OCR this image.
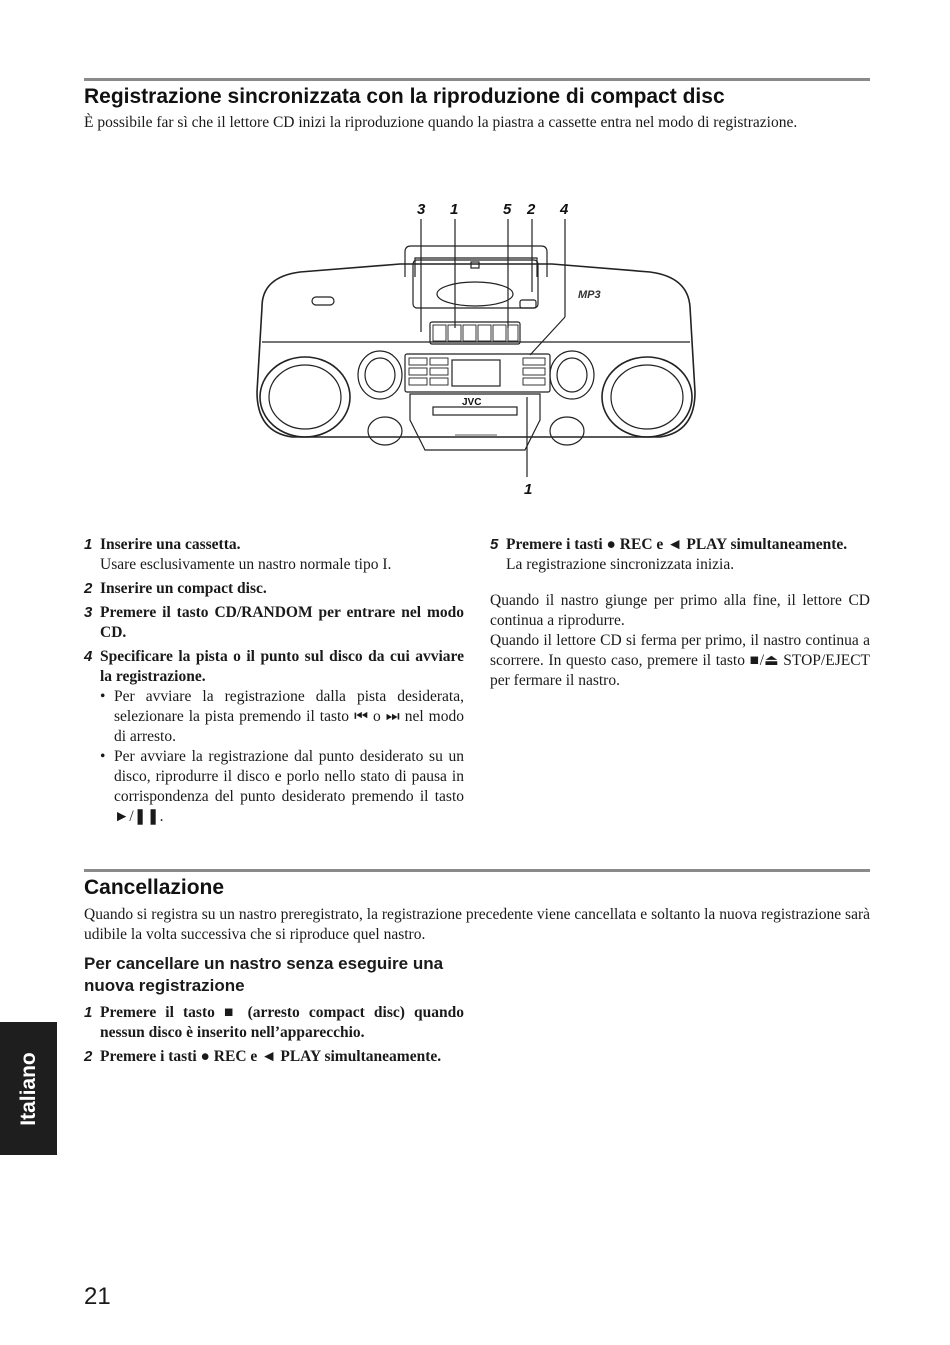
Registrazione sincronizzata con la riproduzione di compact disc

È possibile far sì che il lettore CD inizi la riproduzione quando la piastra a cassette entra nel modo di registrazione.

3 1	5 2 4
1
MP3
JVC
1 Inserire una cassetta.

Usare esclusivamente un nastro normale tipo I.

2 Inserire un compact disc.

3 Premere il tasto CD/RANDOM per entrare nel modo CD.

4 Specificare la pista o il punto sul disco da cui avviare la registrazione.

• Per avviare la registrazione dalla pista desiderata, selezionare la pista premendo il tasto ⏮ o ⏭ nel modo di arresto.
• Per avviare la registrazione dal punto desiderato su un disco, riprodurre il disco e porlo nello stato di pausa in corrispondenza del punto desiderato premendo il tasto ►/❚❚.
5 Premere i tasti ● REC e ◄ PLAY simultaneamente.

La registrazione sincronizzata inizia.

Quando il nastro giunge per primo alla fine, il lettore CD continua a riprodurre.

Quando il lettore CD si ferma per primo, il nastro continua a scorrere. In questo caso, premere il tasto ■/⏏ STOP/EJECT per fermare il nastro.

Cancellazione

Quando si registra su un nastro preregistrato, la registrazione precedente viene cancellata e soltanto la nuova registrazione sarà udibile la volta successiva che si riproduce quel nastro.

Per cancellare un nastro senza eseguire una nuova registrazione
1 Premere il tasto ■ (arresto compact disc) quando nessun disco è inserito nell’apparecchio.

2 Premere i tasti ● REC e ◄ PLAY simultaneamente.

Italiano
21
